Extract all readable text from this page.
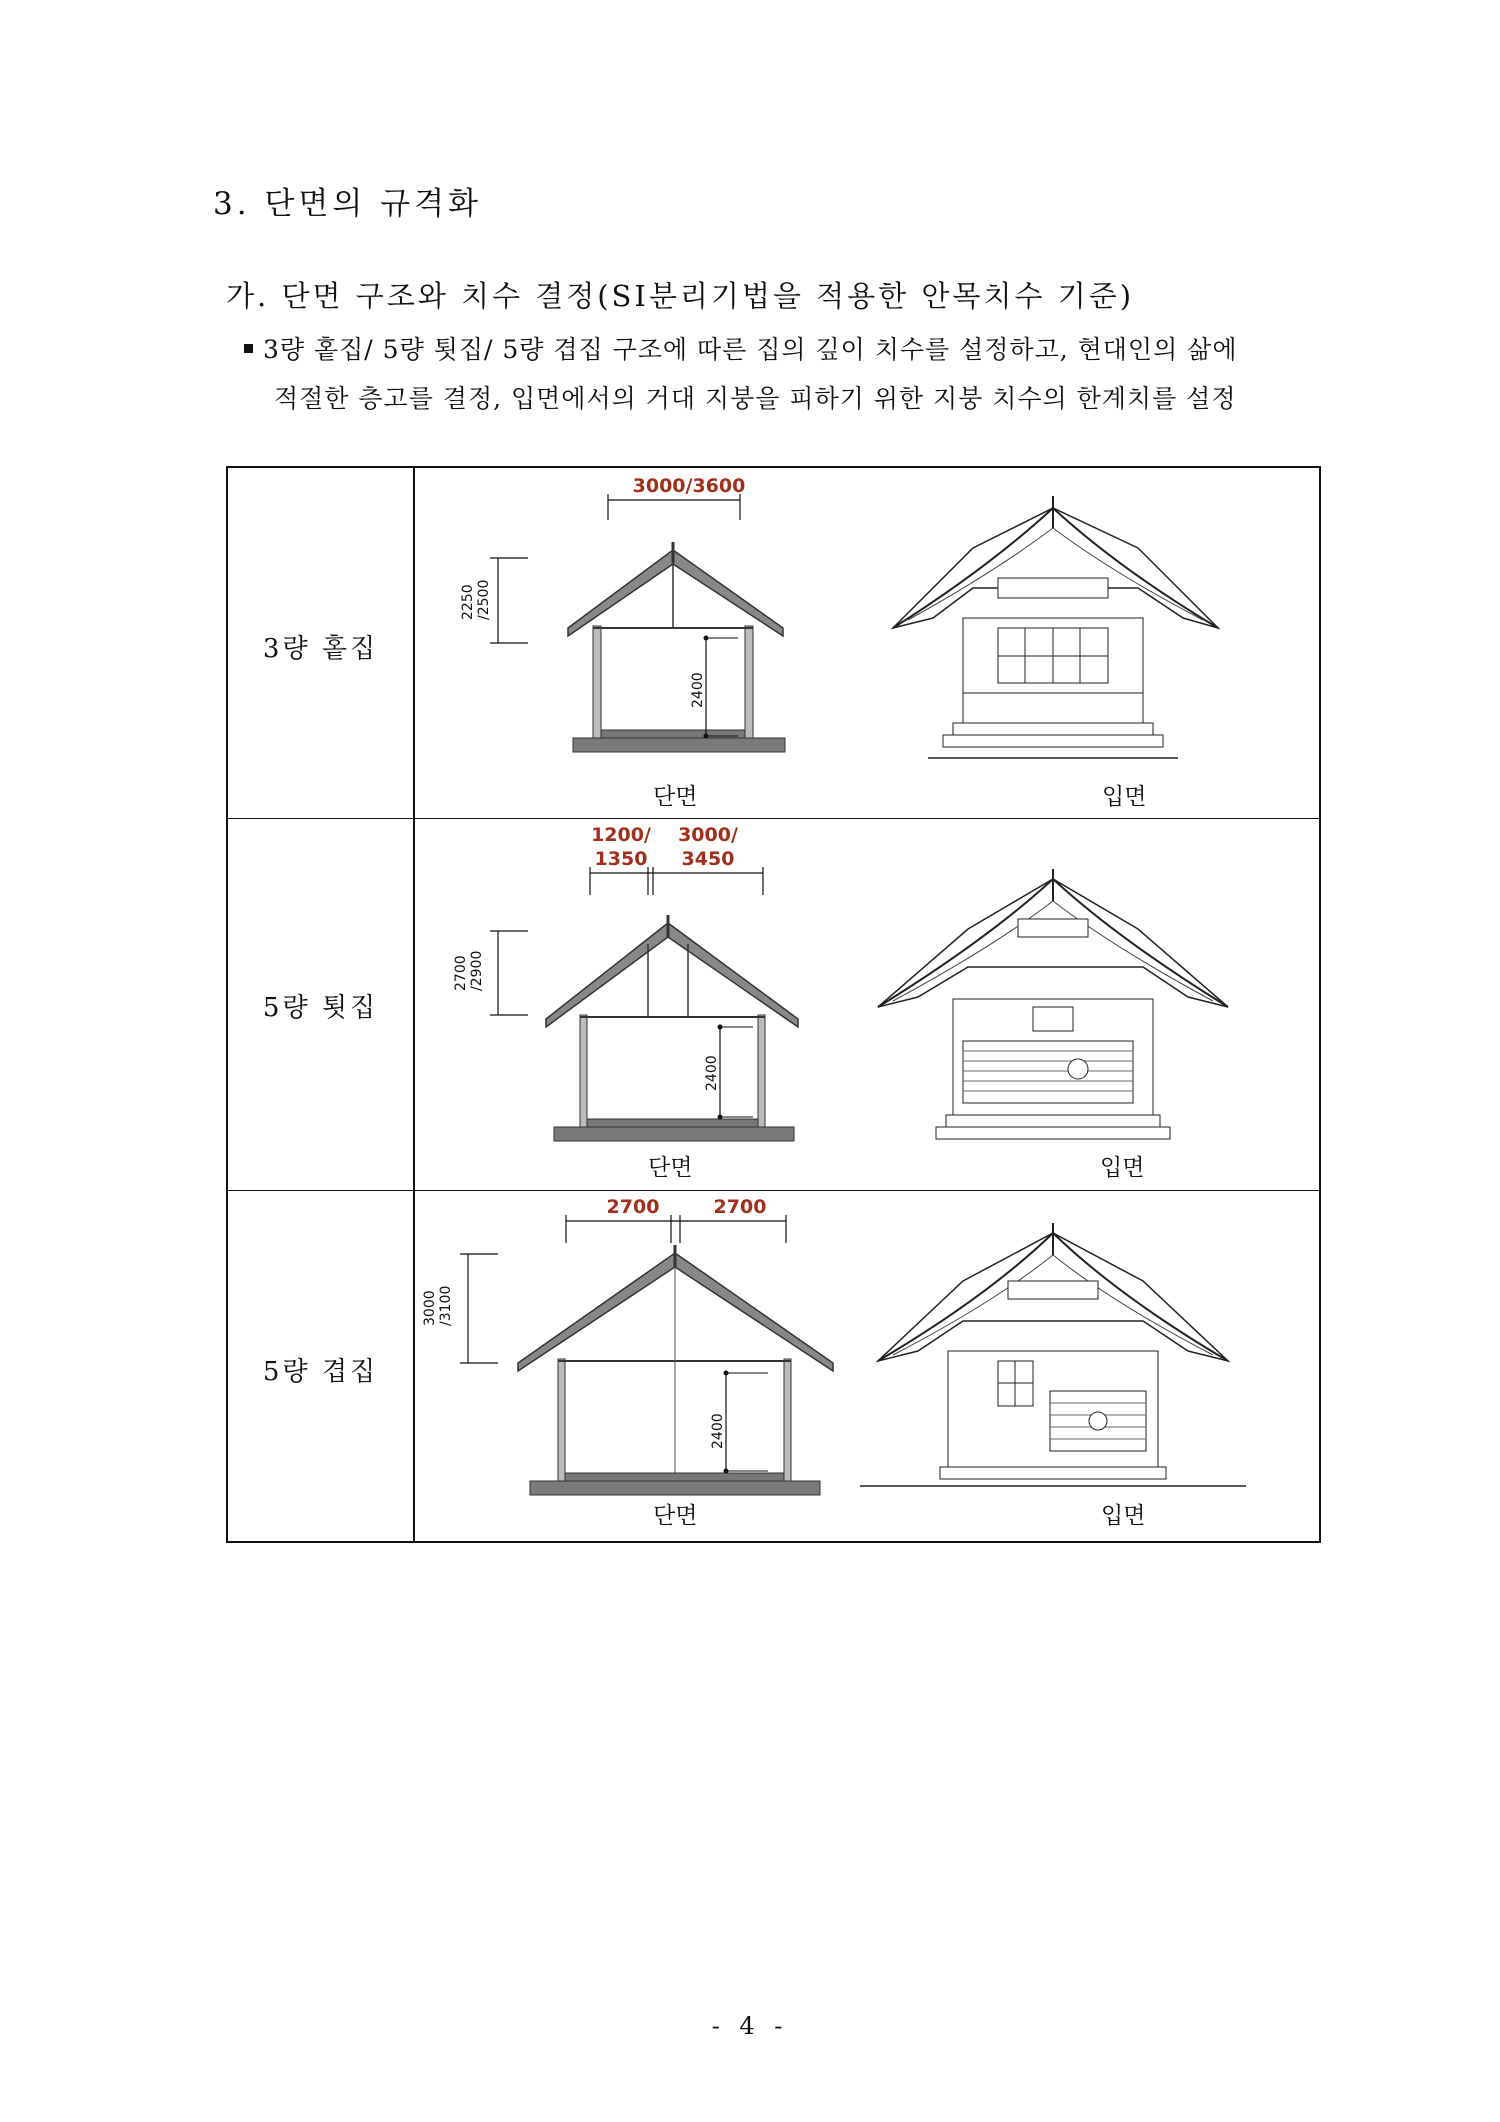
3. 단면의 규격화
가. 단면 구조와 치수 결정(SI분리기법을 적용한 안목치수 기준)
3량 홑집/ 5량 툇집/ 5량 겹집 구조에 따른 집의 깊이 치수를 설정하고, 현대인의 삶에
적절한 층고를 결정, 입면에서의 거대 지붕을 피하기 위한 지붕 치수의 한계치를 설정
3량 홑집
3000/3600
2250 /2500
2400
단면	입면
5량 툇집
1200/
1350
3000/
3450
2700 /2900
2400
단면	입면
5량 겹집
2700	2700
3000 /3100
2400
단면	입면
- 4 -
